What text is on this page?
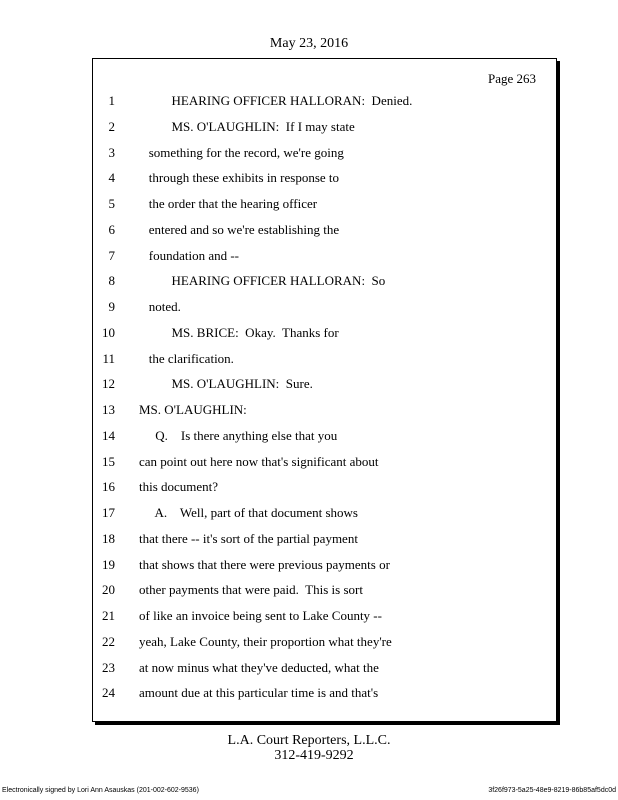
May 23, 2016
Page 263
1 HEARING OFFICER HALLORAN:  Denied.
2 MS. O'LAUGHLIN:  If I may state
3 something for the record, we're going
4 through these exhibits in response to
5 the order that the hearing officer
6 entered and so we're establishing the
7 foundation and --
8 HEARING OFFICER HALLORAN:  So
9 noted.
10 MS. BRICE:  Okay.  Thanks for
11 the clarification.
12 MS. O'LAUGHLIN:  Sure.
13 MS. O'LAUGHLIN:
14 Q.    Is there anything else that you
15 can point out here now that's significant about
16 this document?
17 A.    Well, part of that document shows
18 that there -- it's sort of the partial payment
19 that shows that there were previous payments or
20 other payments that were paid.  This is sort
21 of like an invoice being sent to Lake County --
22 yeah, Lake County, their proportion what they're
23 at now minus what they've deducted, what the
24 amount due at this particular time is and that's
L.A. Court Reporters, L.L.C.
312-419-9292
Electronically signed by Lori Ann Asauskas (201-002-602-9536)	3f26f973-5a25-48e9-8219-86b85af5dc0d
